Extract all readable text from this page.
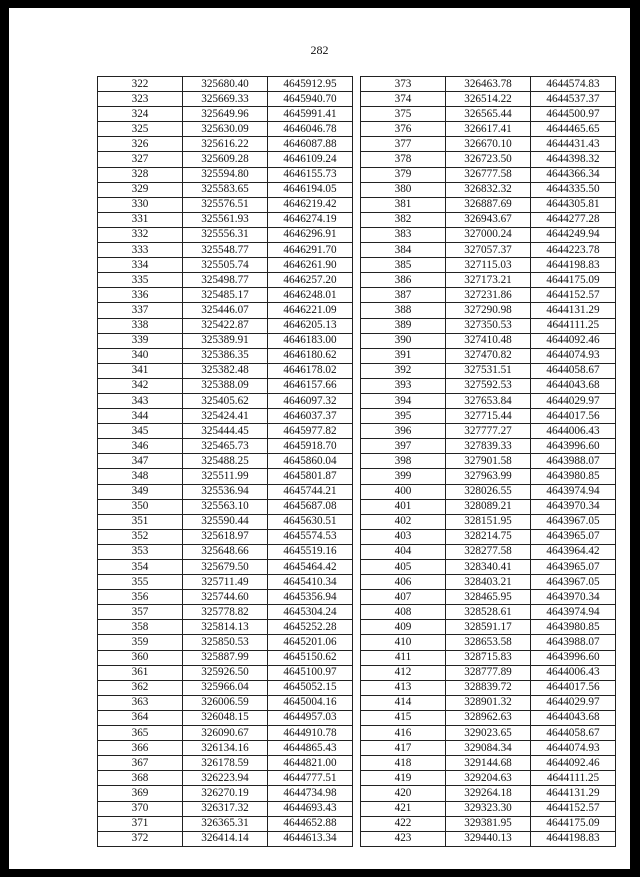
282
322	325680.40	4645912.95		373	326463.78	4644574.83
323	325669.33	4645940.70		374	326514.22	4644537.37
324	325649.96	4645991.41		375	326565.44	4644500.97
325	325630.09	4646046.78		376	326617.41	4644465.65
326	325616.22	4646087.88		377	326670.10	4644431.43
327	325609.28	4646109.24		378	326723.50	4644398.32
328	325594.80	4646155.73		379	326777.58	4644366.34
329	325583.65	4646194.05		380	326832.32	4644335.50
330	325576.51	4646219.42		381	326887.69	4644305.81
331	325561.93	4646274.19		382	326943.67	4644277.28
332	325556.31	4646296.91		383	327000.24	4644249.94
333	325548.77	4646291.70		384	327057.37	4644223.78
334	325505.74	4646261.90		385	327115.03	4644198.83
335	325498.77	4646257.20		386	327173.21	4644175.09
336	325485.17	4646248.01		387	327231.86	4644152.57
337	325446.07	4646221.09		388	327290.98	4644131.29
338	325422.87	4646205.13		389	327350.53	4644111.25
339	325389.91	4646183.00		390	327410.48	4644092.46
340	325386.35	4646180.62		391	327470.82	4644074.93
341	325382.48	4646178.02		392	327531.51	4644058.67
342	325388.09	4646157.66		393	327592.53	4644043.68
343	325405.62	4646097.32		394	327653.84	4644029.97
344	325424.41	4646037.37		395	327715.44	4644017.56
345	325444.45	4645977.82		396	327777.27	4644006.43
346	325465.73	4645918.70		397	327839.33	4643996.60
347	325488.25	4645860.04		398	327901.58	4643988.07
348	325511.99	4645801.87		399	327963.99	4643980.85
349	325536.94	4645744.21		400	328026.55	4643974.94
350	325563.10	4645687.08		401	328089.21	4643970.34
351	325590.44	4645630.51		402	328151.95	4643967.05
352	325618.97	4645574.53		403	328214.75	4643965.07
353	325648.66	4645519.16		404	328277.58	4643964.42
354	325679.50	4645464.42		405	328340.41	4643965.07
355	325711.49	4645410.34		406	328403.21	4643967.05
356	325744.60	4645356.94		407	328465.95	4643970.34
357	325778.82	4645304.24		408	328528.61	4643974.94
358	325814.13	4645252.28		409	328591.17	4643980.85
359	325850.53	4645201.06		410	328653.58	4643988.07
360	325887.99	4645150.62		411	328715.83	4643996.60
361	325926.50	4645100.97		412	328777.89	4644006.43
362	325966.04	4645052.15		413	328839.72	4644017.56
363	326006.59	4645004.16		414	328901.32	4644029.97
364	326048.15	4644957.03		415	328962.63	4644043.68
365	326090.67	4644910.78		416	329023.65	4644058.67
366	326134.16	4644865.43		417	329084.34	4644074.93
367	326178.59	4644821.00		418	329144.68	4644092.46
368	326223.94	4644777.51		419	329204.63	4644111.25
369	326270.19	4644734.98		420	329264.18	4644131.29
370	326317.32	4644693.43		421	329323.30	4644152.57
371	326365.31	4644652.88		422	329381.95	4644175.09
372	326414.14	4644613.34		423	329440.13	4644198.83
